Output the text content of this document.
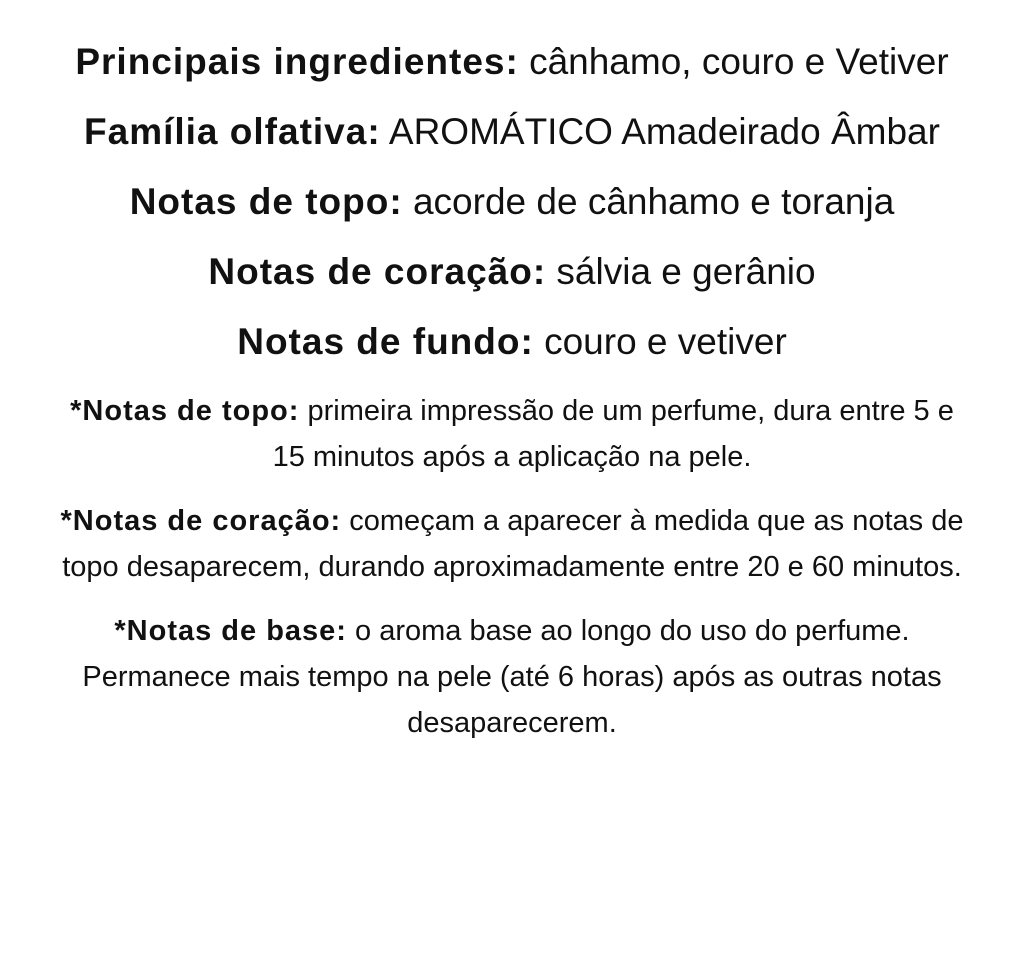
Principais ingredientes: cânhamo, couro e Vetiver

Família olfativa: AROMÁTICO Amadeirado Âmbar

Notas de topo: acorde de cânhamo e toranja

Notas de coração: sálvia e gerânio

Notas de fundo: couro e vetiver

*Notas de topo: primeira impressão de um perfume, dura entre 5 e 15 minutos após a aplicação na pele.

*Notas de coração: começam a aparecer à medida que as notas de topo desaparecem, durando aproximadamente entre 20 e 60 minutos.

*Notas de base: o aroma base ao longo do uso do perfume. Permanece mais tempo na pele (até 6 horas) após as outras notas desaparecerem.
